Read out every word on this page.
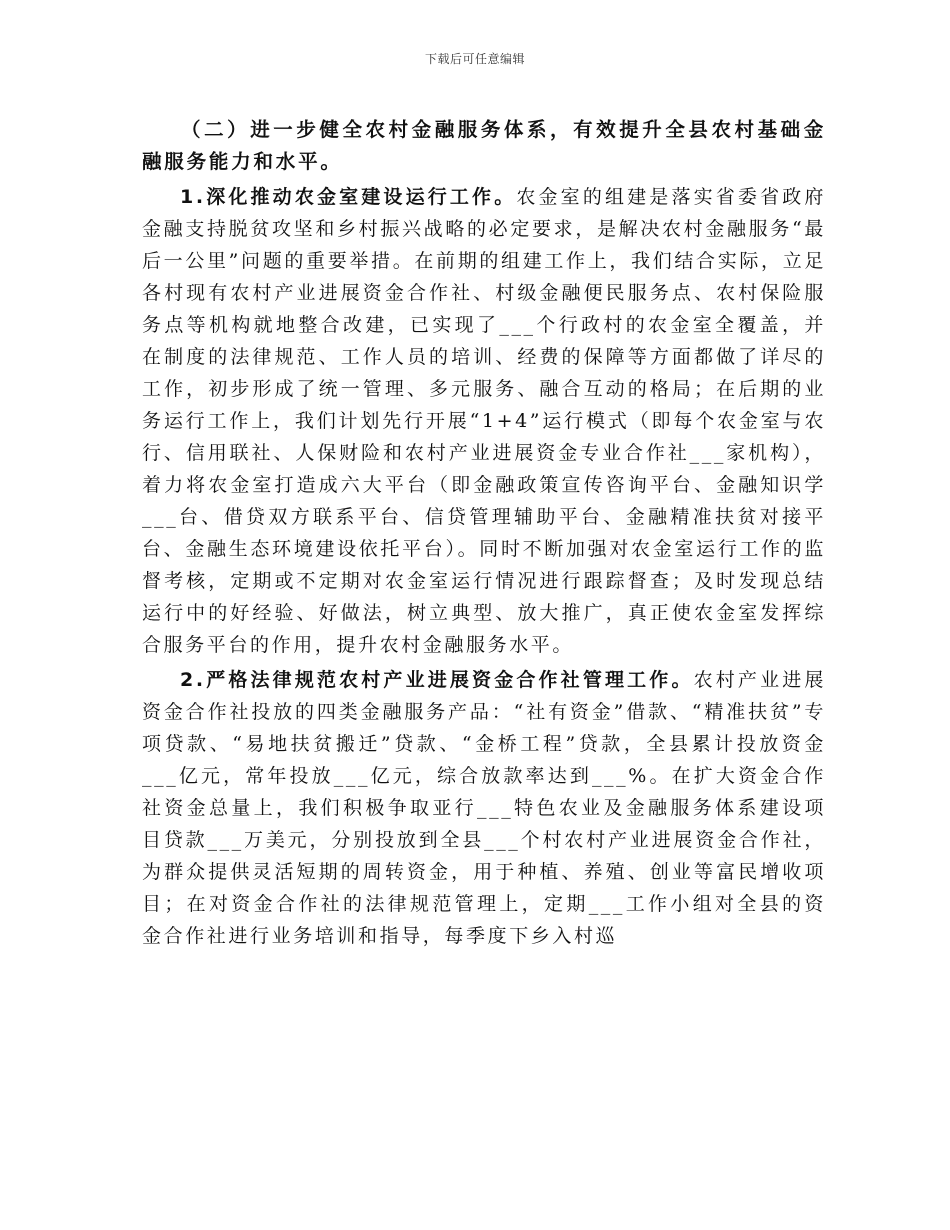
下载后可任意编辑

（二）进一步健全农村金融服务体系，有效提升全县农村基础金融服务能力和水平。

1.深化推动农金室建设运行工作。农金室的组建是落实省委省政府金融支持脱贫攻坚和乡村振兴战略的必定要求，是解决农村金融服务“最后一公里”问题的重要举措。在前期的组建工作上，我们结合实际，立足各村现有农村产业进展资金合作社、村级金融便民服务点、农村保险服务点等机构就地整合改建，已实现了___个行政村的农金室全覆盖，并在制度的法律规范、工作人员的培训、经费的保障等方面都做了详尽的工作，初步形成了统一管理、多元服务、融合互动的格局；在后期的业务运行工作上，我们计划先行开展“1+4”运行模式（即每个农金室与农行、信用联社、人保财险和农村产业进展资金专业合作社___家机构），着力将农金室打造成六大平台（即金融政策宣传咨询平台、金融知识学___台、借贷双方联系平台、信贷管理辅助平台、金融精准扶贫对接平台、金融生态环境建设依托平台）。同时不断加强对农金室运行工作的监督考核，定期或不定期对农金室运行情况进行跟踪督查；及时发现总结运行中的好经验、好做法，树立典型、放大推广，真正使农金室发挥综合服务平台的作用，提升农村金融服务水平。

2.严格法律规范农村产业进展资金合作社管理工作。农村产业进展资金合作社投放的四类金融服务产品：“社有资金”借款、“精准扶贫”专项贷款、“易地扶贫搬迁”贷款、“金桥工程”贷款，全县累计投放资金___亿元，常年投放___亿元，综合放款率达到___%。在扩大资金合作社资金总量上，我们积极争取亚行___特色农业及金融服务体系建设项目贷款___万美元，分别投放到全县___个村农村产业进展资金合作社，为群众提供灵活短期的周转资金，用于种植、养殖、创业等富民增收项目；在对资金合作社的法律规范管理上，定期___工作小组对全县的资金合作社进行业务培训和指导，每季度下乡入村巡
